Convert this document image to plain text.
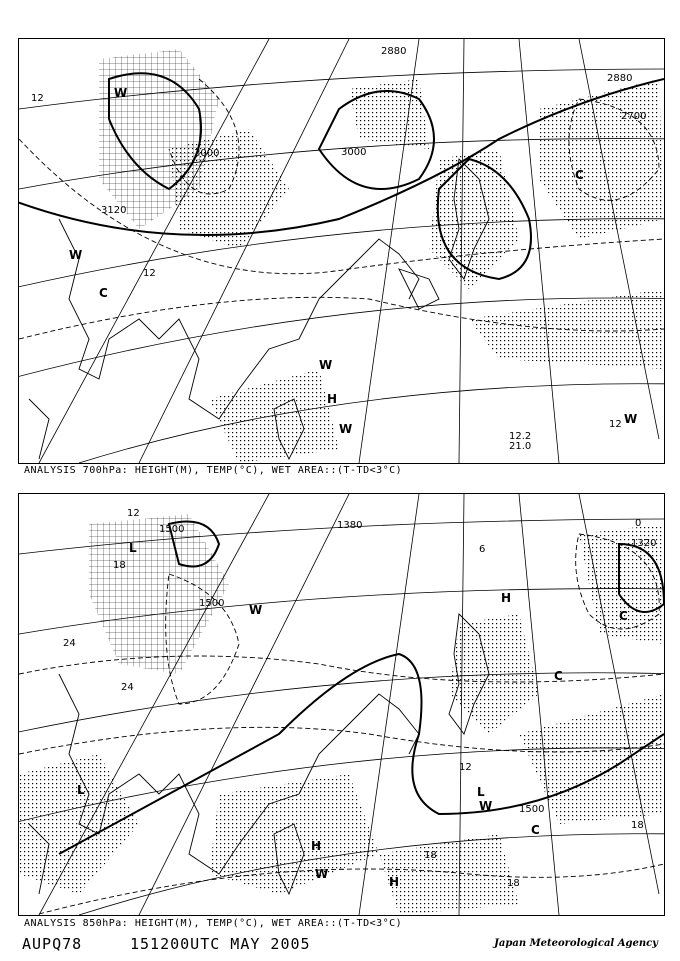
2880
2880
2700
3000	3000
3120
12
12
12
W
H
W
W
W
W
C
C
12.2
21.0
ANALYSIS 700hPa: HEIGHT(M), TEMP(°C), WET AREA::(T-TD<3°C)
1500
1500
1500
1380
1320
12
18
18
18
18
24
24
12
6
0
L
L	L
H
H
H
W
W
W
C
C
C
ANALYSIS 850hPa: HEIGHT(M), TEMP(°C), WET AREA::(T-TD<3°C)
AUPQ78	151200UTC MAY 2005	Japan Meteorological Agency
